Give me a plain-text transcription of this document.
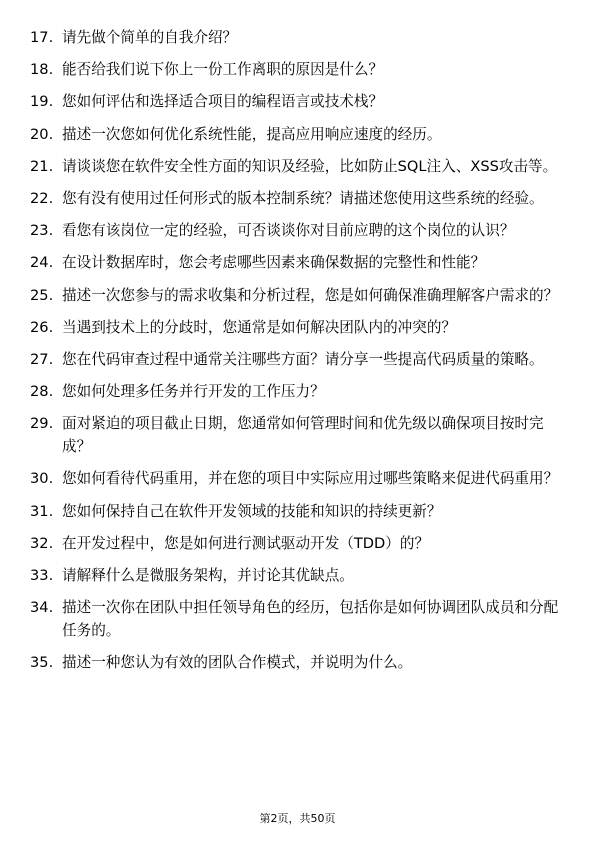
17. 请先做个简单的自我介绍？
18. 能否给我们说下你上一份工作离职的原因是什么？
19. 您如何评估和选择适合项目的编程语言或技术栈？
20. 描述一次您如何优化系统性能，提高应用响应速度的经历。
21. 请谈谈您在软件安全性方面的知识及经验，比如防止SQL注入、XSS攻击等。
22. 您有没有使用过任何形式的版本控制系统？请描述您使用这些系统的经验。
23. 看您有该岗位一定的经验，可否谈谈你对目前应聘的这个岗位的认识？
24. 在设计数据库时，您会考虑哪些因素来确保数据的完整性和性能？
25. 描述一次您参与的需求收集和分析过程，您是如何确保准确理解客户需求的？
26. 当遇到技术上的分歧时，您通常是如何解决团队内的冲突的？
27. 您在代码审查过程中通常关注哪些方面？请分享一些提高代码质量的策略。
28. 您如何处理多任务并行开发的工作压力？
29. 面对紧迫的项目截止日期，您通常如何管理时间和优先级以确保项目按时完成？
30. 您如何看待代码重用，并在您的项目中实际应用过哪些策略来促进代码重用？
31. 您如何保持自己在软件开发领域的技能和知识的持续更新？
32. 在开发过程中，您是如何进行测试驱动开发（TDD）的？
33. 请解释什么是微服务架构，并讨论其优缺点。
34. 描述一次你在团队中担任领导角色的经历，包括你是如何协调团队成员和分配任务的。
35. 描述一种您认为有效的团队合作模式，并说明为什么。
第2页，共50页
